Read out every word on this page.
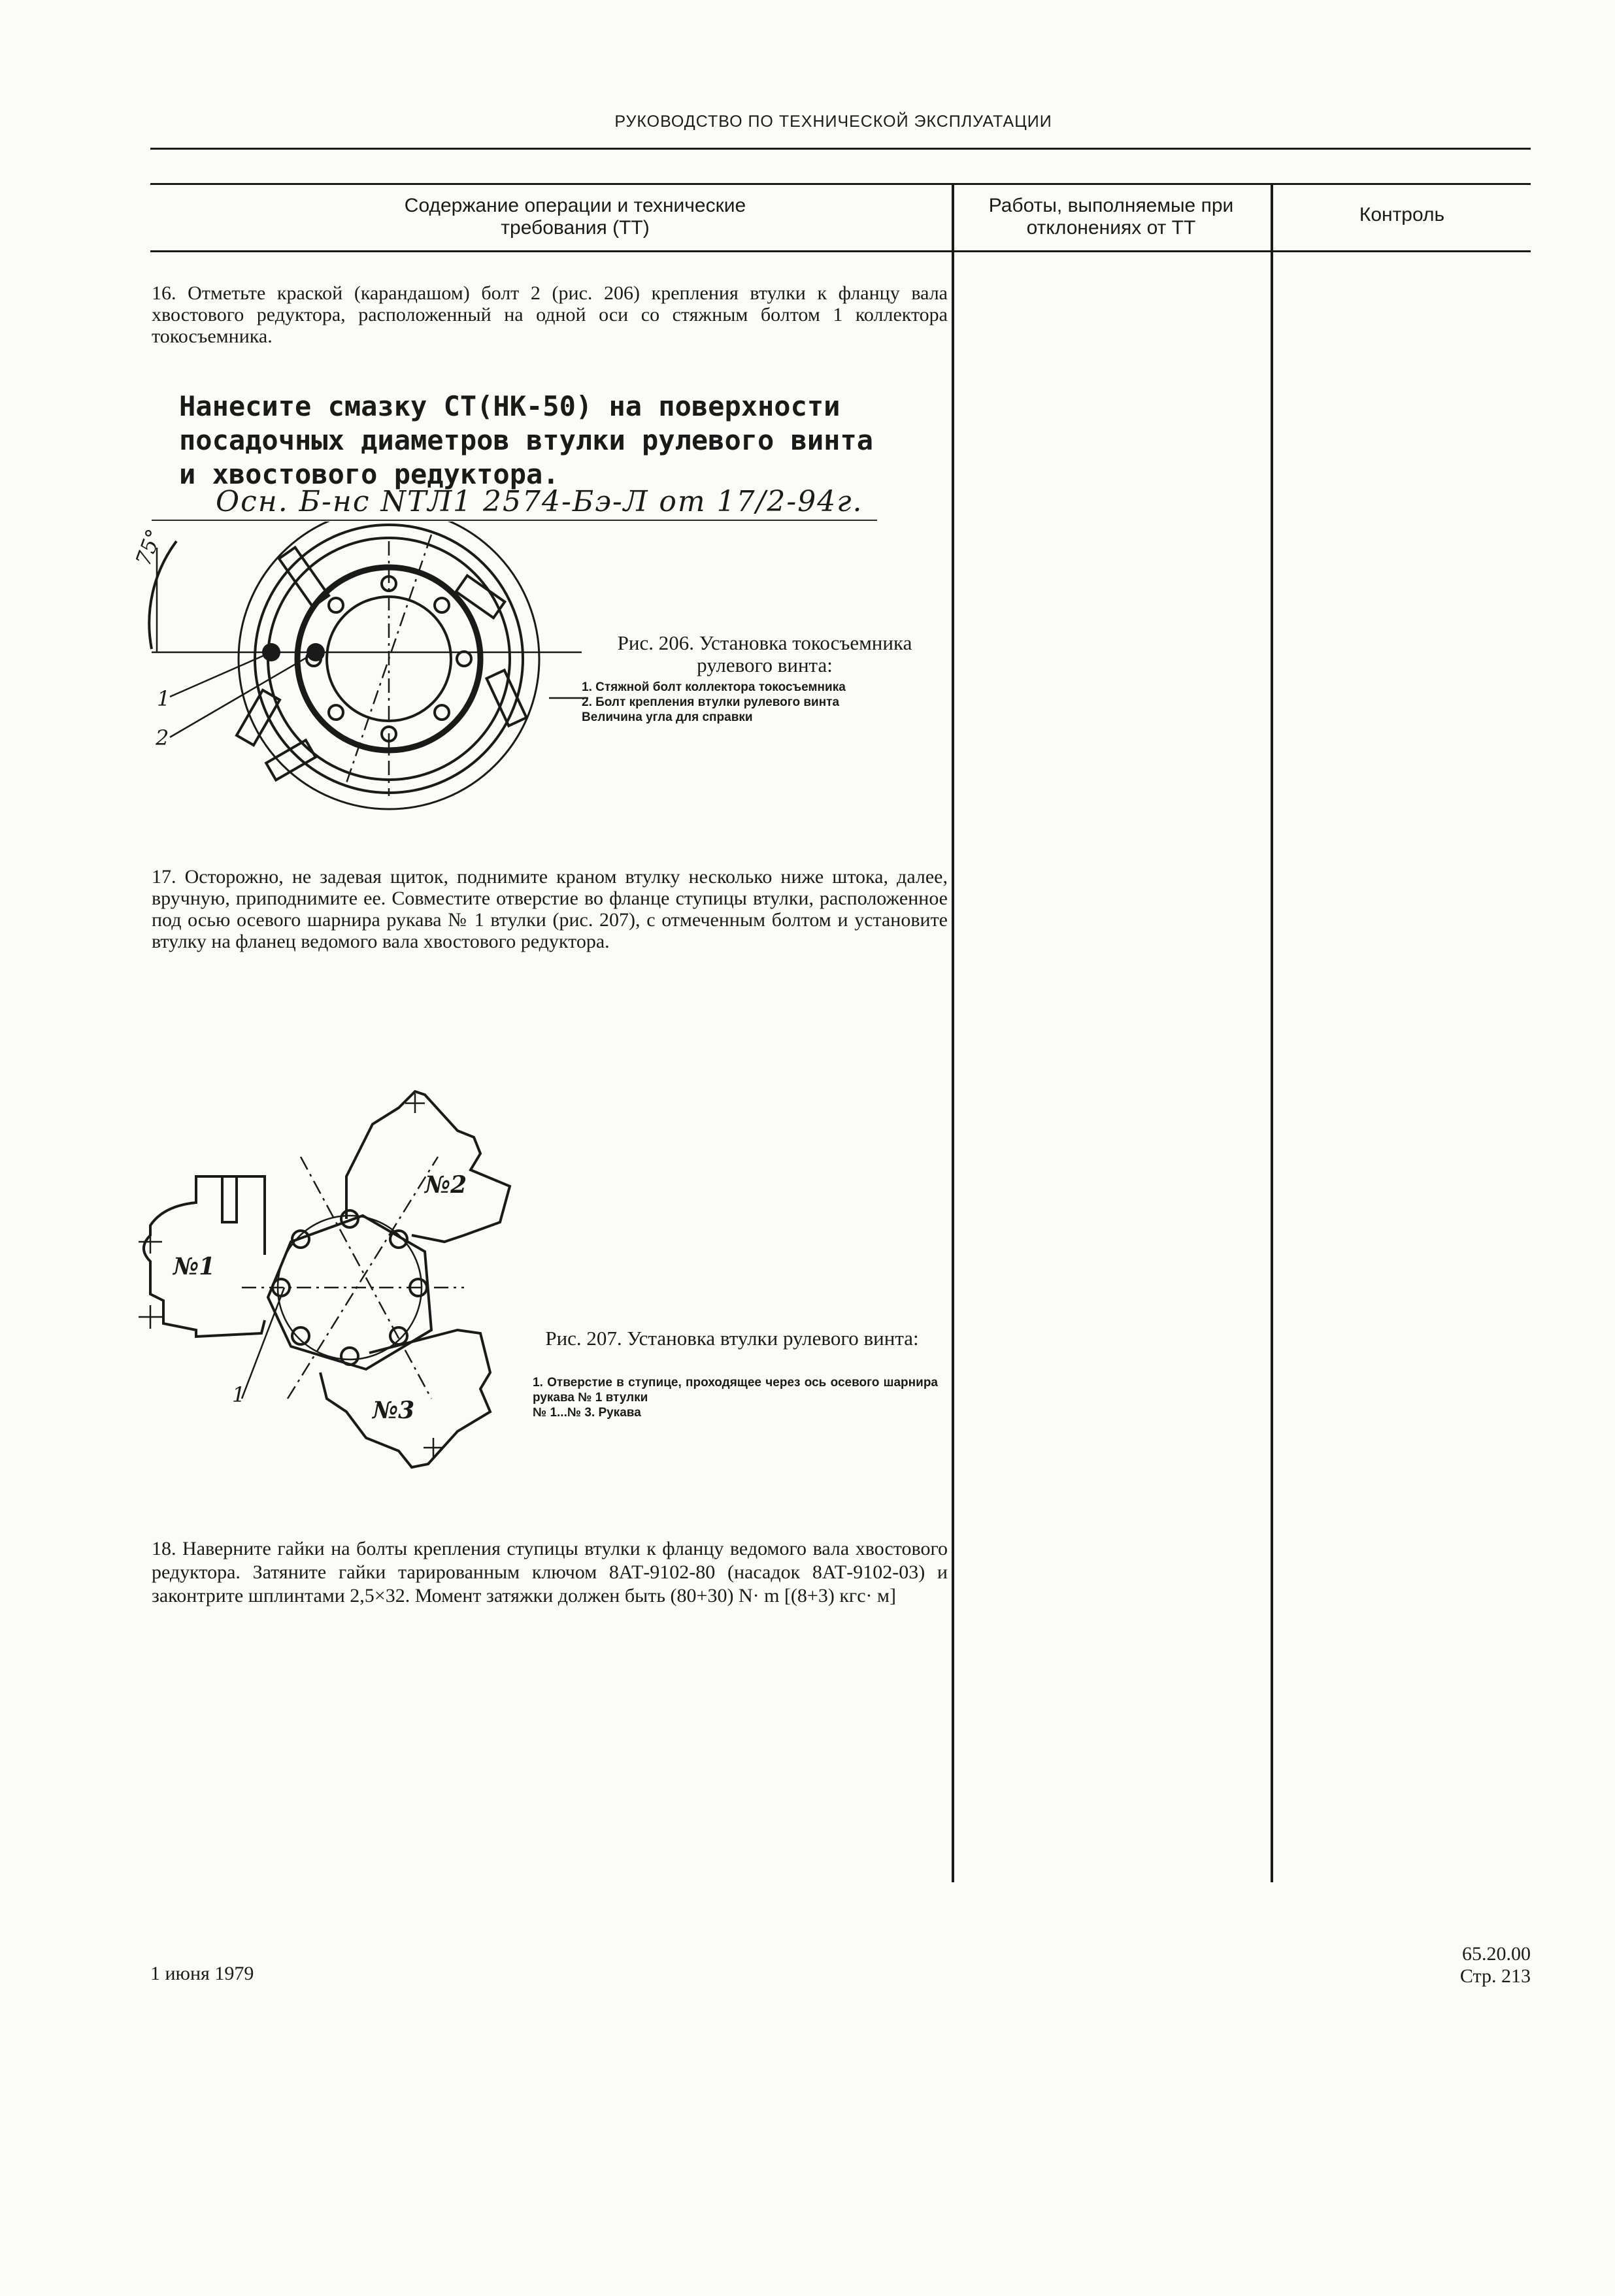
РУКОВОДСТВО ПО ТЕХНИЧЕСКОЙ ЭКСПЛУАТАЦИИ
Содержание операции и технические требования (ТТ)
Работы, выполняемые при отклонениях от ТТ
Контроль
16. Отметьте краской (карандашом) болт 2 (рис. 206) крепления втулки к фланцу вала хвостового редуктора, расположенный на одной оси со стяжным болтом 1 коллектора токосъемника.
Нанесите смазку СТ(НК-50) на поверхности посадочных диаметров втулки рулевого винта и хвостового редуктора.
Осн. Б-нс NТЛ1 2574-Бэ-Л от 17/2-94г.
75°
1
2
Рис. 206. Установка токосъемника рулевого винта:
1. Стяжной болт коллектора токосъемника
2. Болт крепления втулки рулевого винта
Величина угла для справки
17. Осторожно, не задевая щиток, поднимите краном втулку несколько ниже штока, далее, вручную, приподнимите ее. Совместите отверстие во фланце ступицы втулки, расположенное под осью осевого шарнира рукава № 1 втулки (рис. 207), с отмеченным болтом и установите втулку на фланец ведомого вала хвостового редуктора.
№1
№2
№3
1
Рис. 207. Установка втулки рулевого винта:
1. Отверстие в ступице, проходящее через ось осевого шарнира рукава № 1 втулки
№ 1...№ 3. Рукава
18. Наверните гайки на болты крепления ступицы втулки к фланцу ведомого вала хвостового редуктора. Затяните гайки тарированным ключом 8АТ-9102-80 (насадок 8АТ-9102-03) и законтрите шплинтами 2,5×32. Момент затяжки должен быть (80+30) N· m [(8+3) кгс· м]
1 июня 1979
65.20.00
Стр. 213
